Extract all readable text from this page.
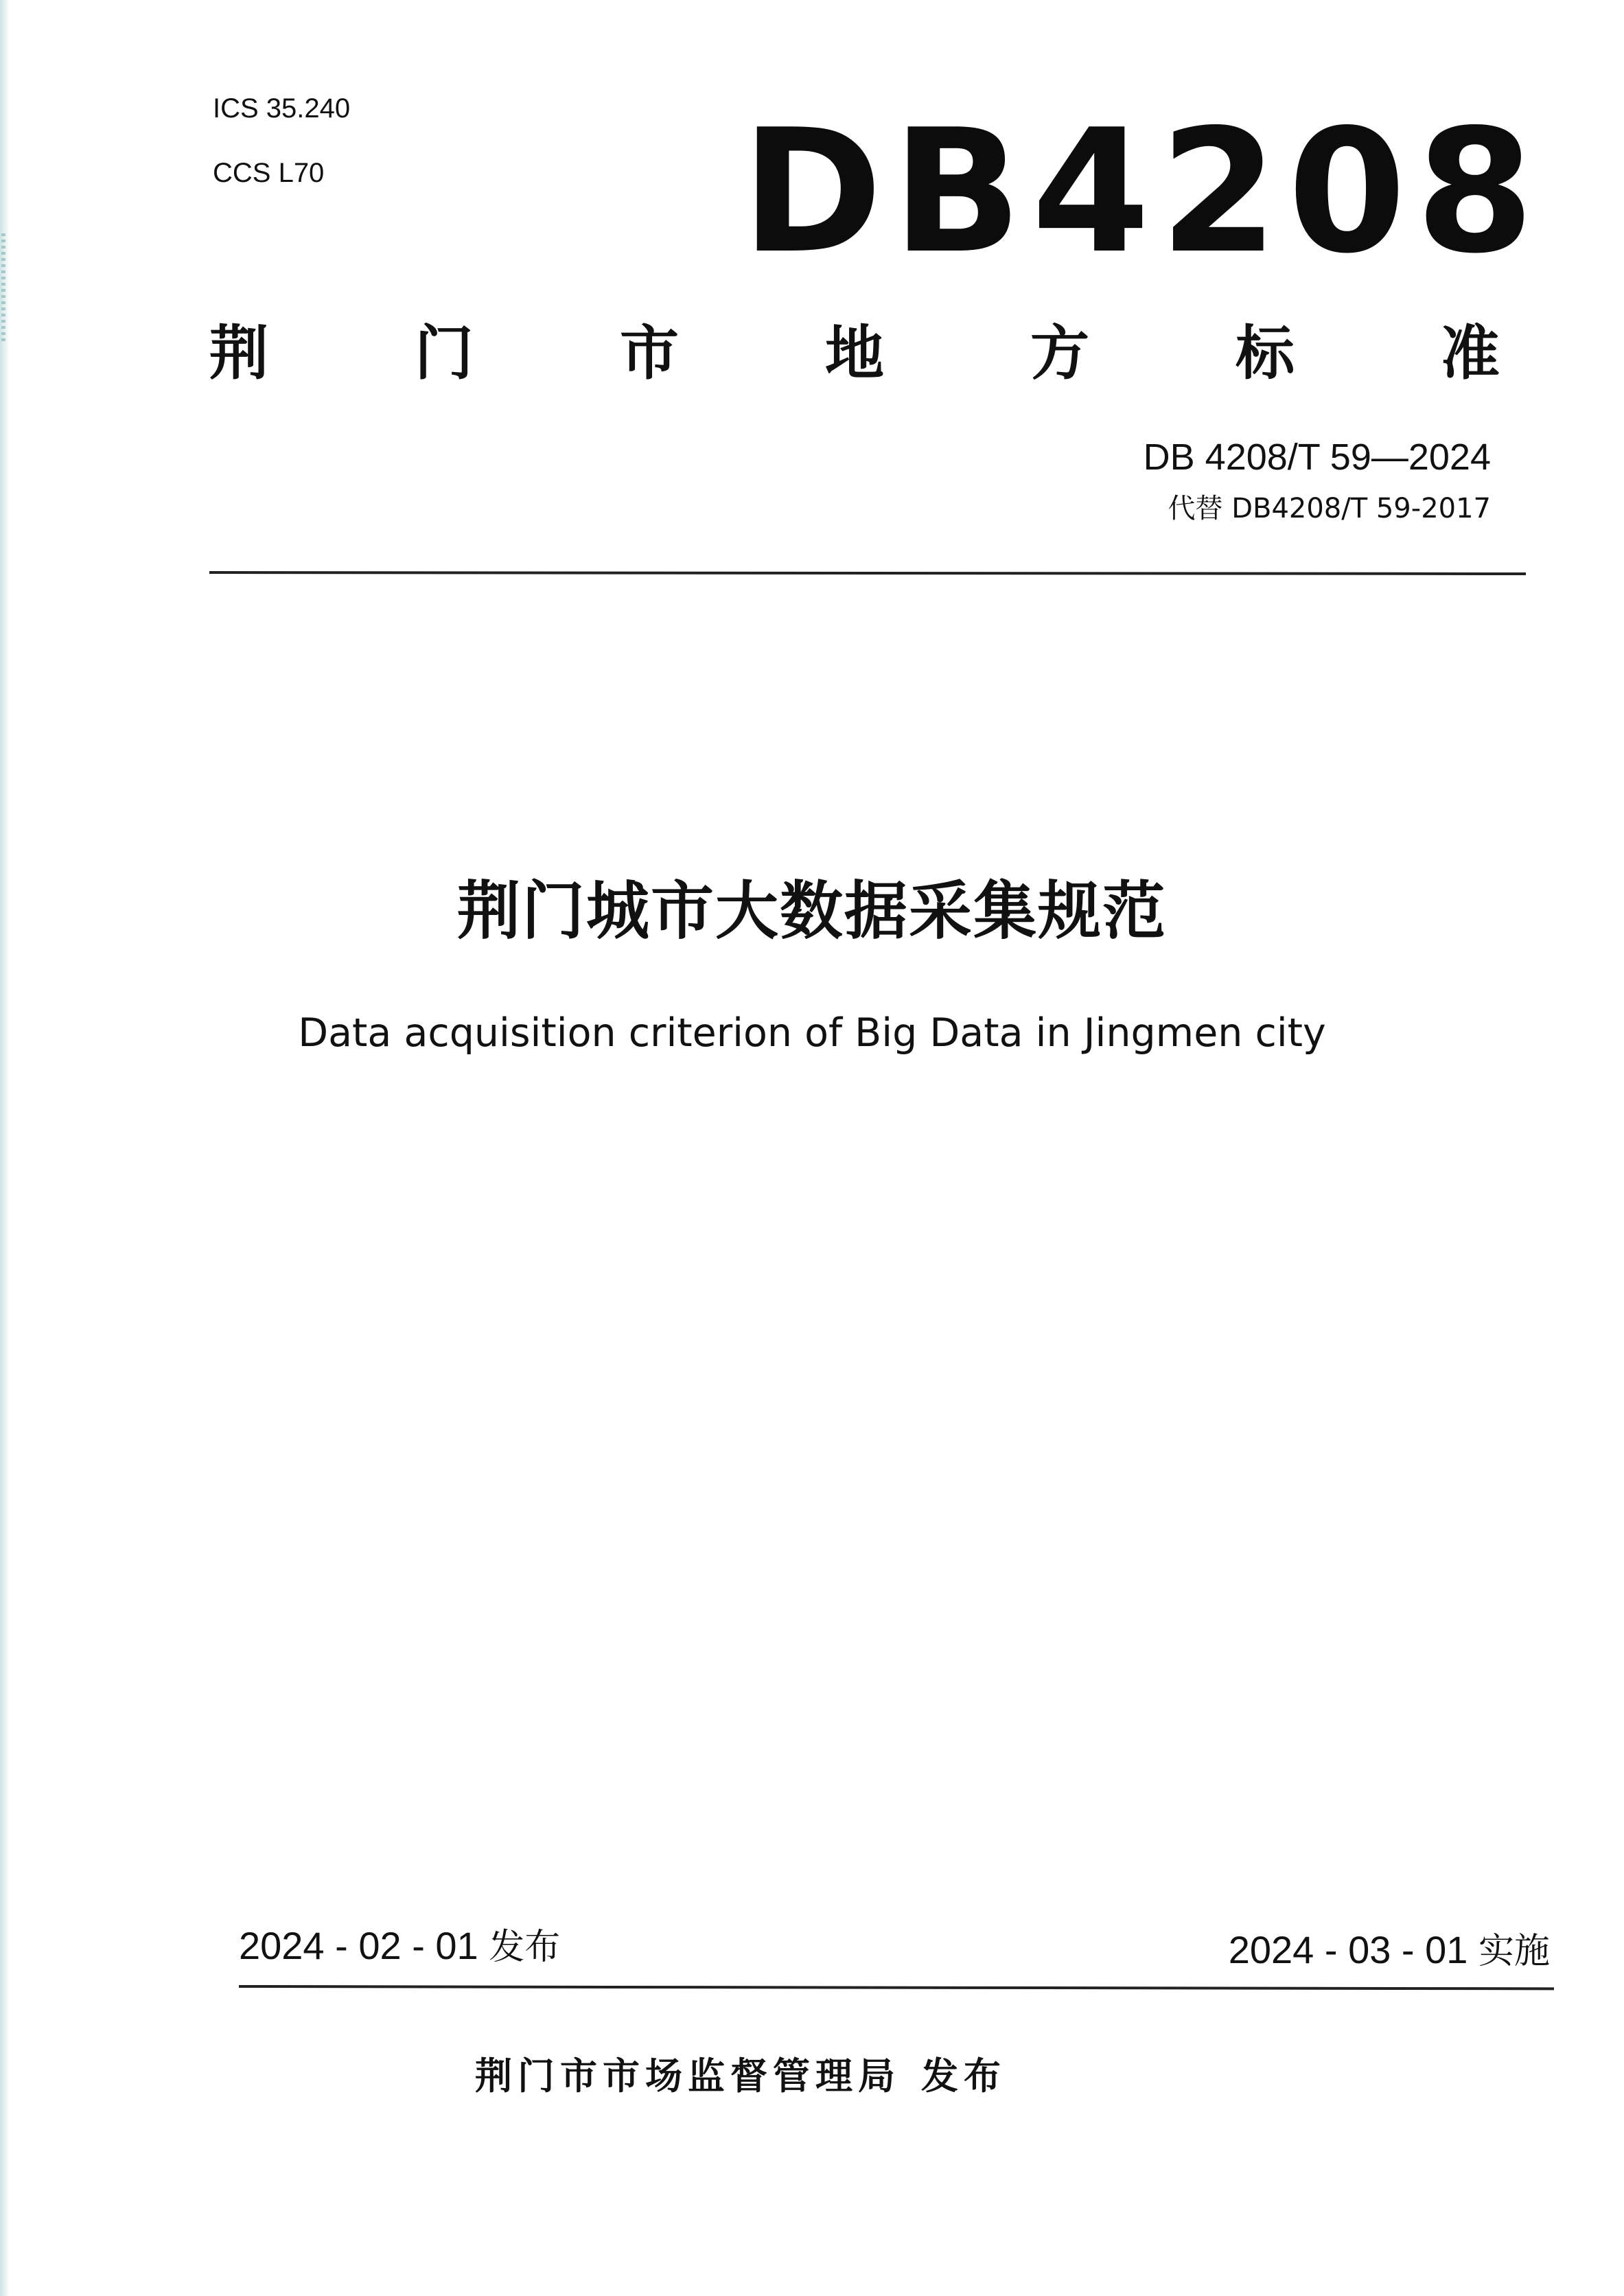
ICS 35.240
CCS L70 DB4208
荆 门 市 地 方 标 准
DB 4208/T 59—2024
代替 DB4208/T 59-2017
荆门城市大数据采集规范
Data acquisition criterion of Big Data in Jingmen city
2024 - 02 - 01 发布	2024 - 03 - 01 实施
荆门市市场监督管理局 发布
